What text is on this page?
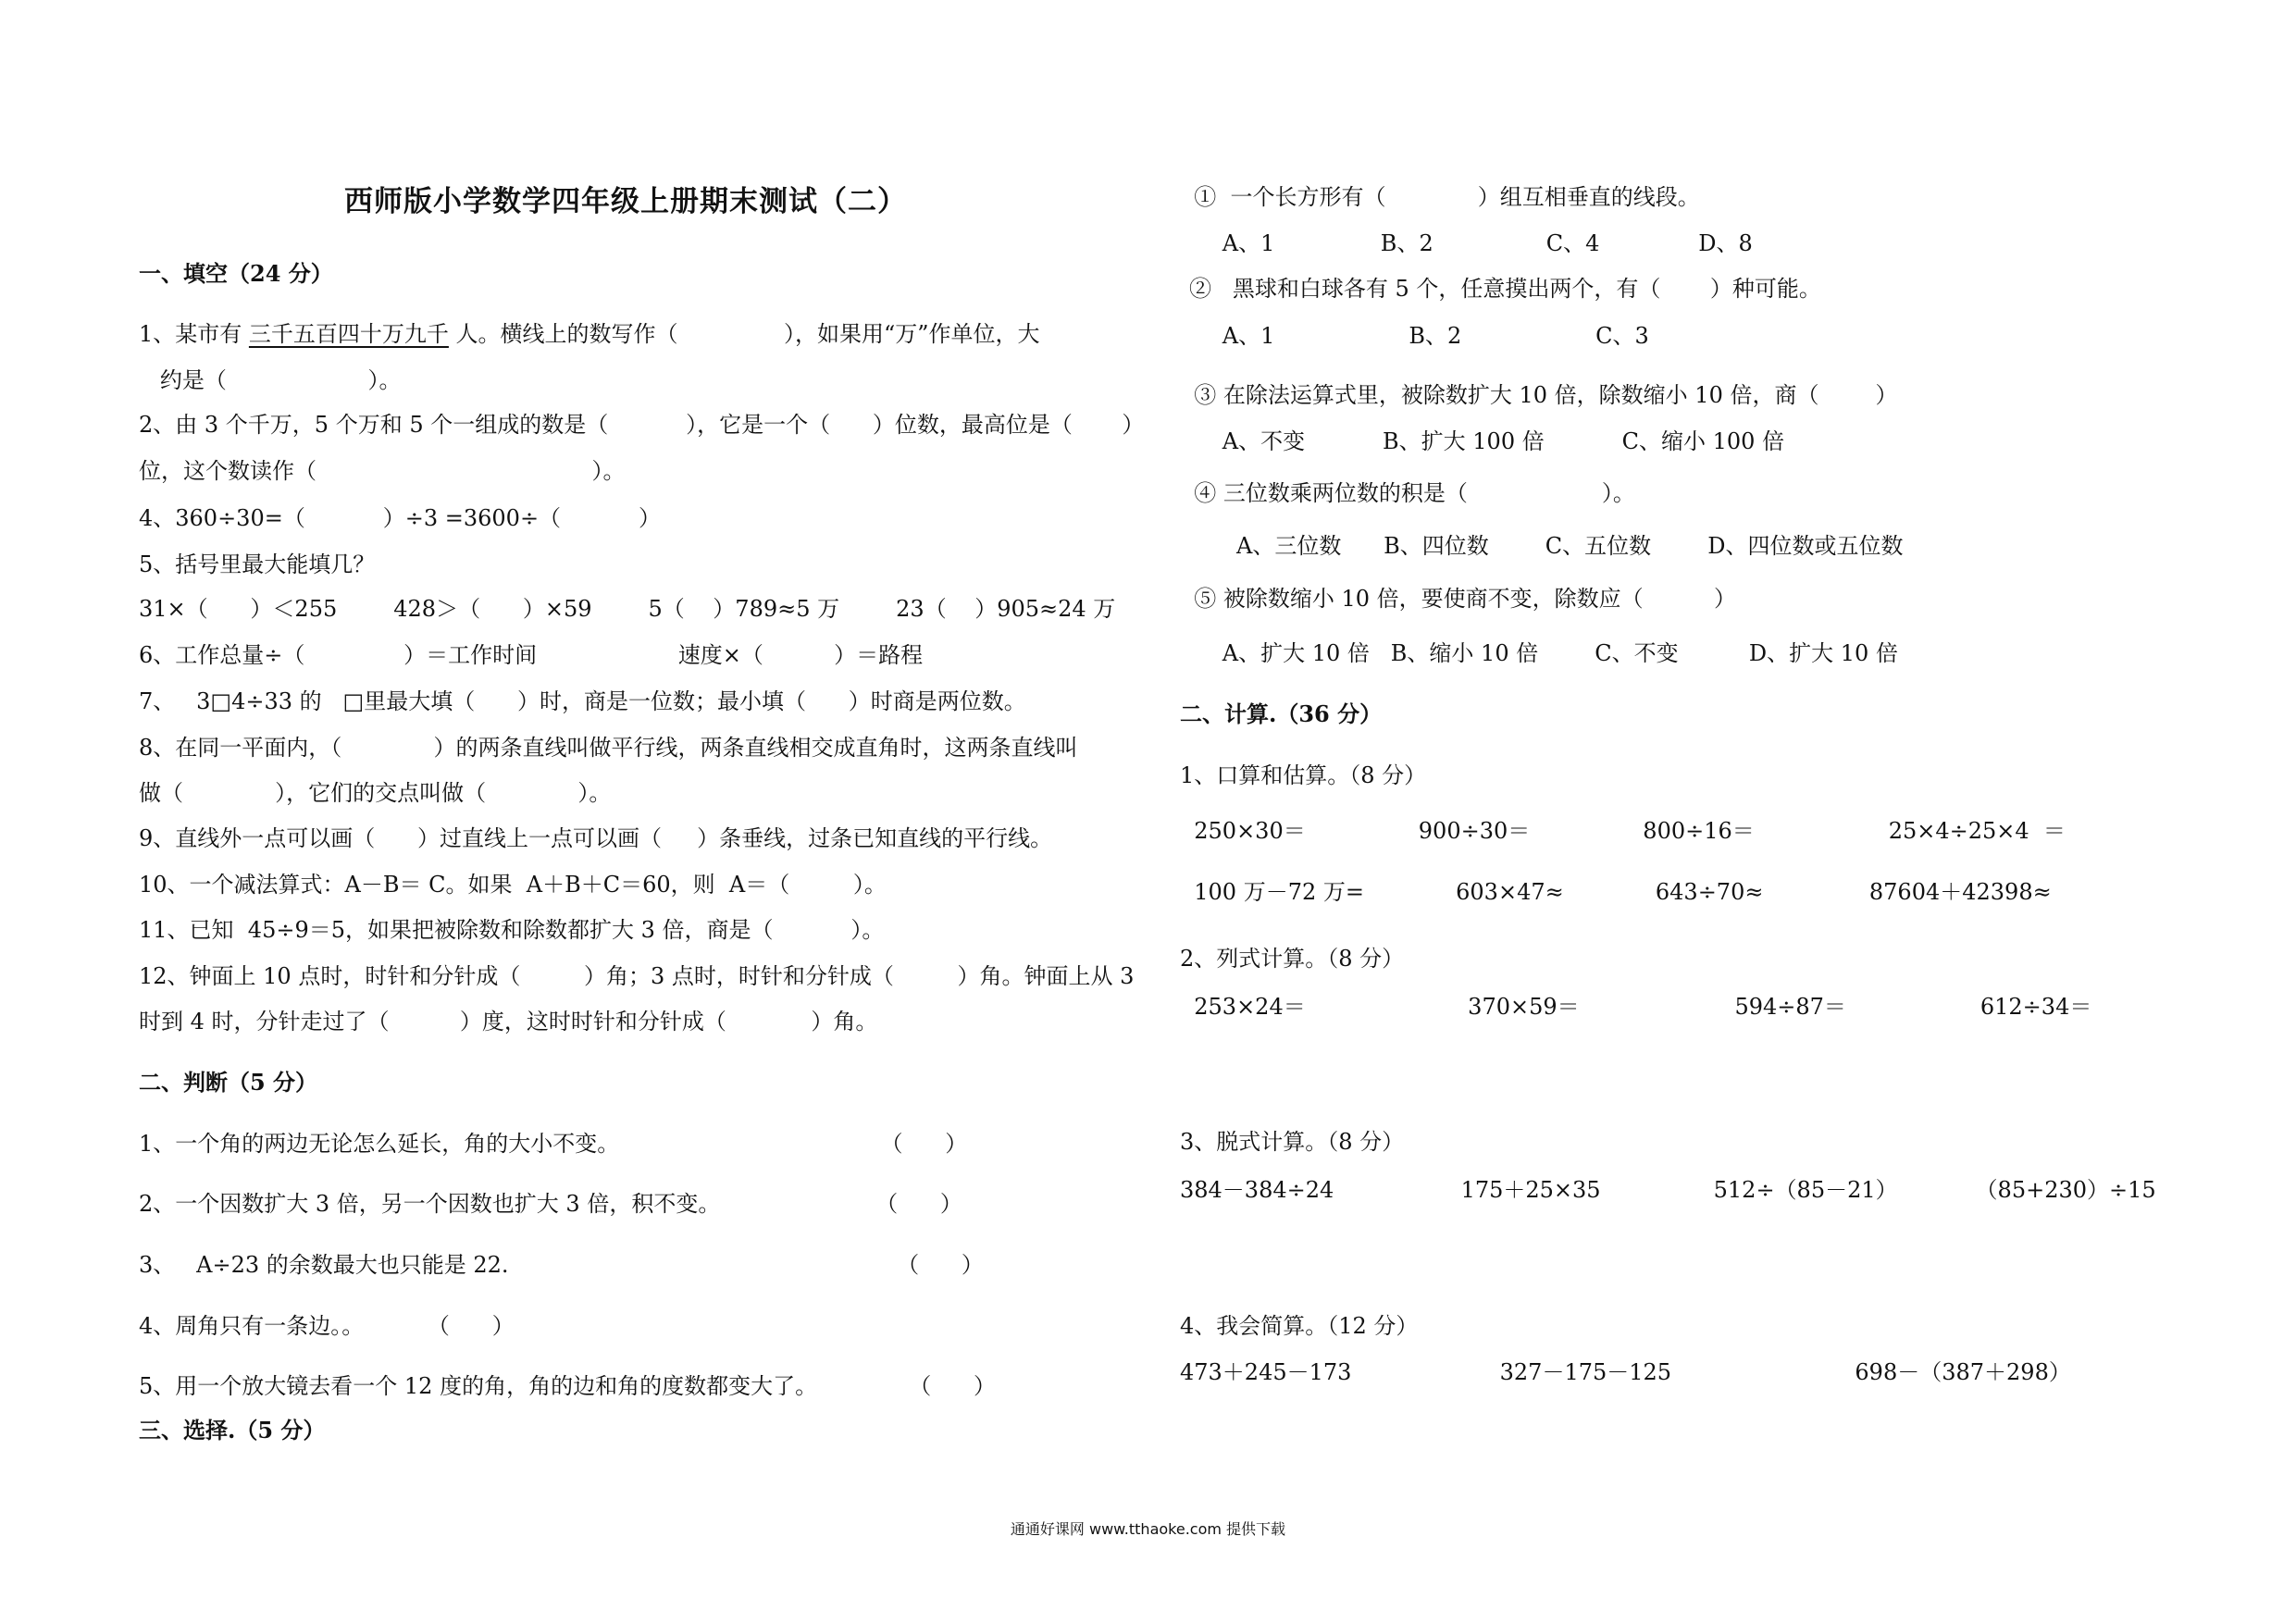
西师版小学数学四年级上册期末测试（二）
一、填空（24 分）
1、某市有 三千五百四十万九千 人。横线上的数写作（               ），如果用“万”作单位，大
约是（                    ）。
2、由 3 个千万，5 个万和 5 个一组成的数是（           ），它是一个（      ）位数，最高位是（       ）
位，这个数读作（                                       ）。
4、360÷30=（           ）÷3 =3600÷（           ）
5、括号里最大能填几？
31×（      ）＜255        428＞（      ）×59        5（    ）789≈5 万        23（    ）905≈24 万
6、工作总量÷（              ）＝工作时间                    速度×（          ）＝路程
7、   3□4÷33 的   □里最大填（      ）时，商是一位数；最小填（      ）时商是两位数。
8、在同一平面内，（             ）的两条直线叫做平行线，两条直线相交成直角时，这两条直线叫
做（             ），它们的交点叫做（             ）。
9、直线外一点可以画（      ）过直线上一点可以画（     ）条垂线，过条已知直线的平行线。
10、一个减法算式：A－B＝ C。如果  A＋B＋C＝60，则  A＝（         ）。
11、已知  45÷9＝5，如果把被除数和除数都扩大 3 倍，商是（           ）。
12、钟面上 10 点时，时针和分针成（         ）角；3 点时，时针和分针成（         ）角。钟面上从 3
时到 4 时，分针走过了（          ）度，这时时针和分针成（            ）角。
二、判断（5 分）
1、一个角的两边无论怎么延长，角的大小不变。                                     （      ）
2、一个因数扩大 3 倍，另一个因数也扩大 3 倍，积不变。                      （      ）
3、   A÷23 的余数最大也只能是 22.                                                       （      ）
4、周角只有一条边。。         （      ）
5、用一个放大镜去看一个 12 度的角，角的边和角的度数都变大了。             （      ）
三、选择.（5 分）
①  一个长方形有（             ）组互相垂直的线段。
A、1               B、2                C、4              D、8
②   黑球和白球各有 5 个，任意摸出两个，有（       ）种可能。
A、1                   B、2                   C、3
③ 在除法运算式里，被除数扩大 10 倍，除数缩小 10 倍，商（        ）
A、不变           B、扩大 100 倍           C、缩小 100 倍
④ 三位数乘两位数的积是（                   ）。
A、三位数      B、四位数        C、五位数        D、四位数或五位数
⑤ 被除数缩小 10 倍，要使商不变，除数应（          ）
A、扩大 10 倍   B、缩小 10 倍        C、不变          D、扩大 10 倍
二、计算.（36 分）
1、口算和估算。（8 分）
250×30＝                900÷30＝                800÷16＝                   25×4÷25×4  ＝
100 万－72 万=             603×47≈             643÷70≈               87604＋42398≈
2、列式计算。（8 分）
253×24＝                       370×59＝                      594÷87＝                   612÷34＝
3、脱式计算。（8 分）
384－384÷24                  175＋25×35                512÷（85－21）           （85+230）÷15
4、我会简算。（12 分）
473＋245－173                     327－175－125                          698－（387＋298）
通通好课网 www.tthaoke.com 提供下载
